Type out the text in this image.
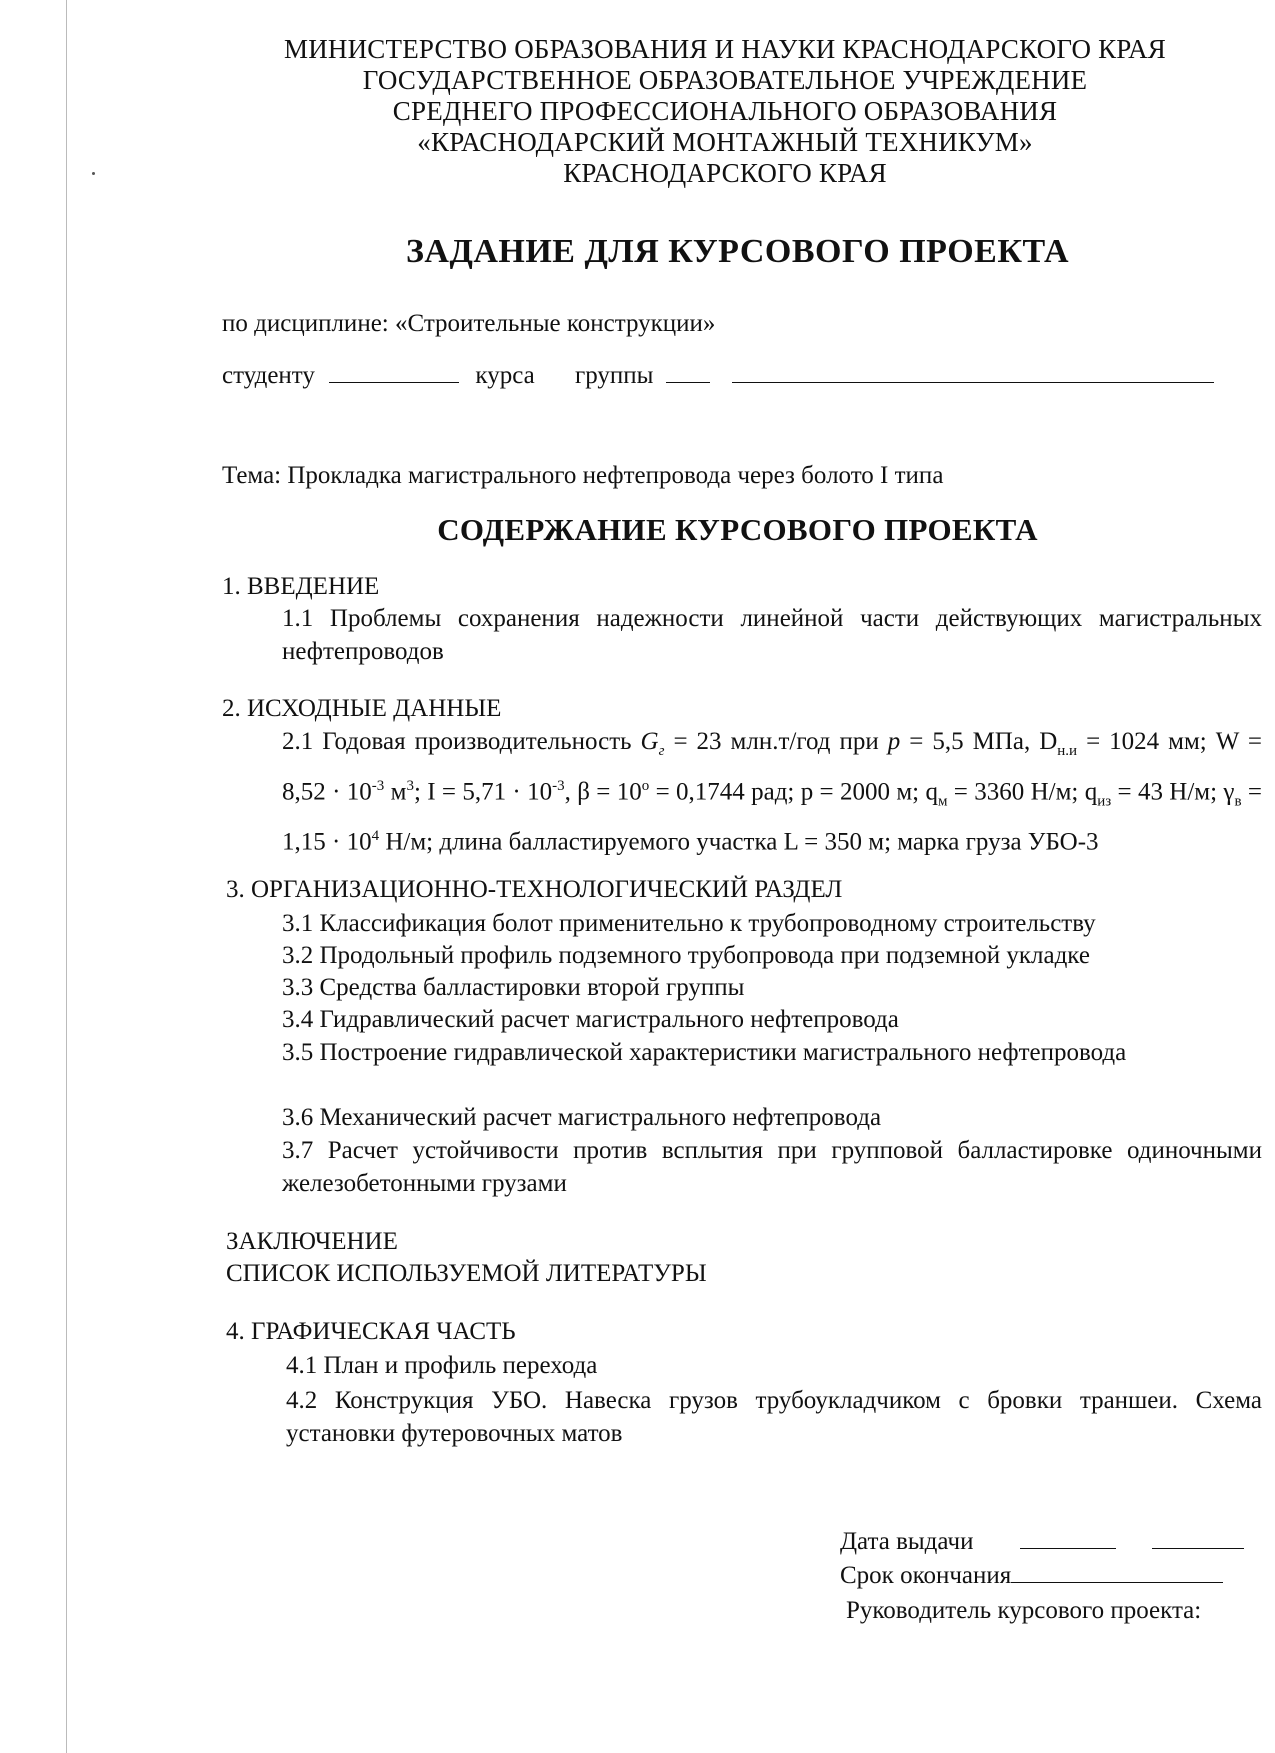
МИНИСТЕРСТВО ОБРАЗОВАНИЯ И НАУКИ КРАСНОДАРСКОГО КРАЯ
ГОСУДАРСТВЕННОЕ ОБРАЗОВАТЕЛЬНОЕ УЧРЕЖДЕНИЕ
СРЕДНЕГО ПРОФЕССИОНАЛЬНОГО ОБРАЗОВАНИЯ
«КРАСНОДАРСКИЙ МОНТАЖНЫЙ ТЕХНИКУМ»
КРАСНОДАРСКОГО КРАЯ
ЗАДАНИЕ ДЛЯ КУРСОВОГО ПРОЕКТА
по дисциплине: «Строительные конструкции»
студенту	курса группы
Тема: Прокладка магистрального нефтепровода через болото I типа
СОДЕРЖАНИЕ КУРСОВОГО ПРОЕКТА
1. ВВЕДЕНИЕ
1.1 Проблемы сохранения надежности линейной части действующих магистральных нефтепроводов
2. ИСХОДНЫЕ ДАННЫЕ
2.1 Годовая производительность $G_г = 23$ млн.т/год при p = 5,5 МПа, $D_{н.и} = 1024$ мм; $W = 8,52 \cdot 10^{-3}$ $м^3$; $I = 5,71 \cdot 10^{-3}$, $\beta = 10^o = 0,1744$ рад; р = 2000 м; $q_м = 3360$ Н/м; $q_{из} = 43$ Н/м; $\gamma_в = 1,15 \cdot 10^4$ Н/м; длина балластируемого участка L = 350 м; марка груза УБО-3
3. ОРГАНИЗАЦИОННО-ТЕХНОЛОГИЧЕСКИЙ РАЗДЕЛ
3.1 Классификация болот применительно к трубопроводному строительству
3.2 Продольный профиль подземного трубопровода при подземной укладке
3.3 Средства балластировки второй группы
3.4 Гидравлический расчет магистрального нефтепровода
3.5 Построение гидравлической характеристики магистрального нефтепровода
3.6 Механический расчет магистрального нефтепровода
3.7 Расчет устойчивости против всплытия при групповой балластировке одиночными железобетонными грузами
ЗАКЛЮЧЕНИЕ
СПИСОК ИСПОЛЬЗУЕМОЙ ЛИТЕРАТУРЫ
4. ГРАФИЧЕСКАЯ ЧАСТЬ
4.1 План и профиль перехода
4.2 Конструкция УБО. Навеска грузов трубоукладчиком с бровки траншеи. Схема установки футеровочных матов
Дата выдачи
Срок окончания
Руководитель курсового проекта:
